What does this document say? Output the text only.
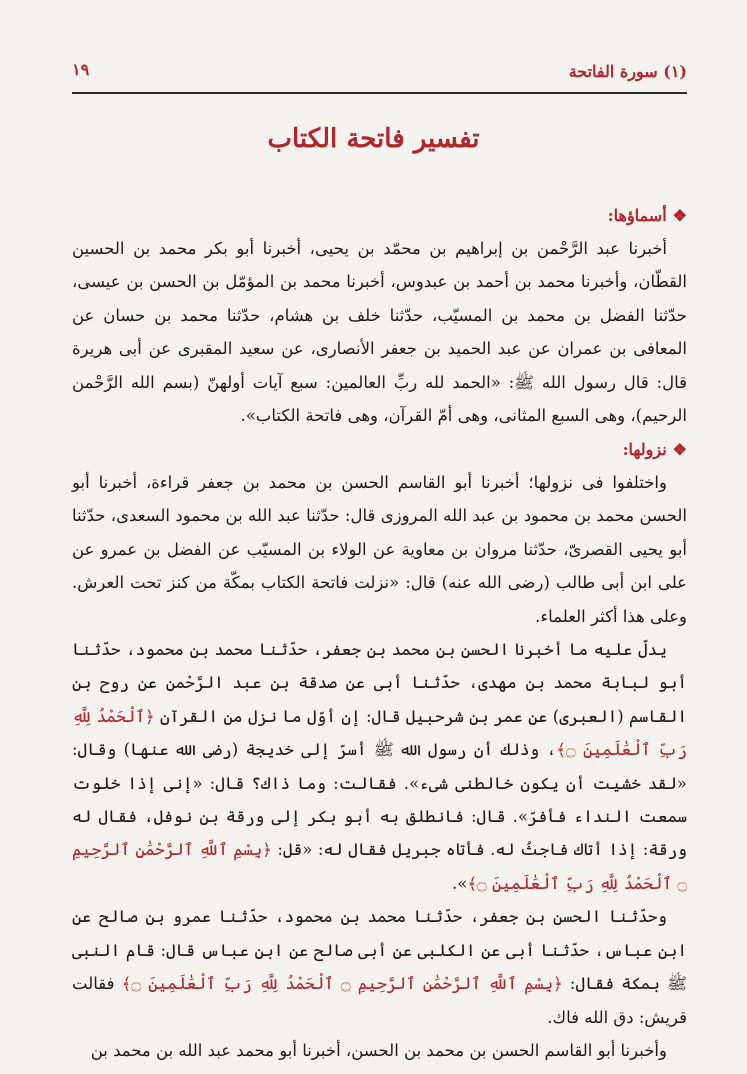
(١) سورة الفاتحة
١٩
تفسير فاتحة الكتاب
❖أسماؤها:

أخبرنا عبد الرَّحْمن بن إبراهيم بن محمّد بن يحيى، أخبرنا أبو بكر محمد بن الحسين القطّان، وأخبرنا محمد بن أحمد بن عبدوس، أخبرنا محمد بن المؤمّل بن الحسن بن عيسى، حدّثنا الفضل بن محمد بن المسيّب، حدّثنا خلف بن هشام، حدّثنا محمد بن حسان عن المعافى بن عمران عن عبد الحميد بن جعفر الأنصارى، عن سعيد المقبرى عن أبى هريرة قال: قال رسول الله ﷺ: «الحمد لله ربِّ العالمين: سبع آيات أولهنّ (بسم الله الرَّحْمن الرحيم)، وهى السبع المثانى، وهى أمّ القرآن، وهى فاتحة الكتاب».

❖نزولها:

واختلفوا فى نزولها؛ أخبرنا أبو القاسم الحسن بن محمد بن جعفر قراءة، أخبرنا أبو الحسن محمد بن محمود بن عبد الله المروزى قال: حدّثنا عبد الله بن محمود السعدى، حدّثنا أبو يحيى القصرىّ، حدّثنا مروان بن معاوية عن الولاء بن المسيّب عن الفضل بن عمرو عن على ابن أبى طالب (رضى الله عنه) قال: «نزلت فاتحة الكتاب بمكّة من كنز تحت العرش. وعلى هذا أكثر العلماء.

يدلّ عليه ما أخبرنا الحسن بن محمد بن جعفر، حدّثنا محمد بن محمود، حدّثنا أبو لبابة محمد بن مهدى، حدّثنا أبى عن صدقة بن عبد الرَّحْمن عن روح بن القاسم (العبرى) عن عمر بن شرحبيل قال: إن أوّل ما نزل من القرآن ﴿ٱلْحَمْدُ لِلَّهِ رَبِّ ٱلْعَٰلَمِينَ ۝﴾، وذلك أن رسول الله ﷺ أسرّ إلى خديجة (رضى الله عنها) وقال: «لقد خشيت أن يكون خالطنى شىء». فقالت: وما ذاك؟ قال: «إنى إذا خلوت سمعت النداء فأفرّ». قال: فانطلق به أبو بكر إلى ورقة بن نوفل، فقال له ورقة: إذا أتاك فاجثُ له. فأتاه جبريل فقال له: «قل: ﴿بِسْمِ ٱللَّهِ ٱلرَّحْمَٰنِ ٱلرَّحِيمِ ۝ ٱلْحَمْدُ لِلَّهِ رَبِّ ٱلْعَٰلَمِينَ ۝﴾».

وحدّثنا الحسن بن جعفر، حدّثنا محمد بن محمود، حدّثنا عمرو بن صالح عن ابن عباس، حدّثنا أبى عن الكلبى عن أبى صالح عن ابن عباس قال: قام النبى ﷺ بمكة فقال: ﴿بِسْمِ ٱللَّهِ ٱلرَّحْمَٰنِ ٱلرَّحِيمِ ۝ ٱلْحَمْدُ لِلَّهِ رَبِّ ٱلْعَٰلَمِينَ ۝﴾ فقالت قريش: دق الله فاك.

وأخبرنا أبو القاسم الحسن بن محمد بن الحسن، أخبرنا أبو محمد عبد الله بن محمد بن
